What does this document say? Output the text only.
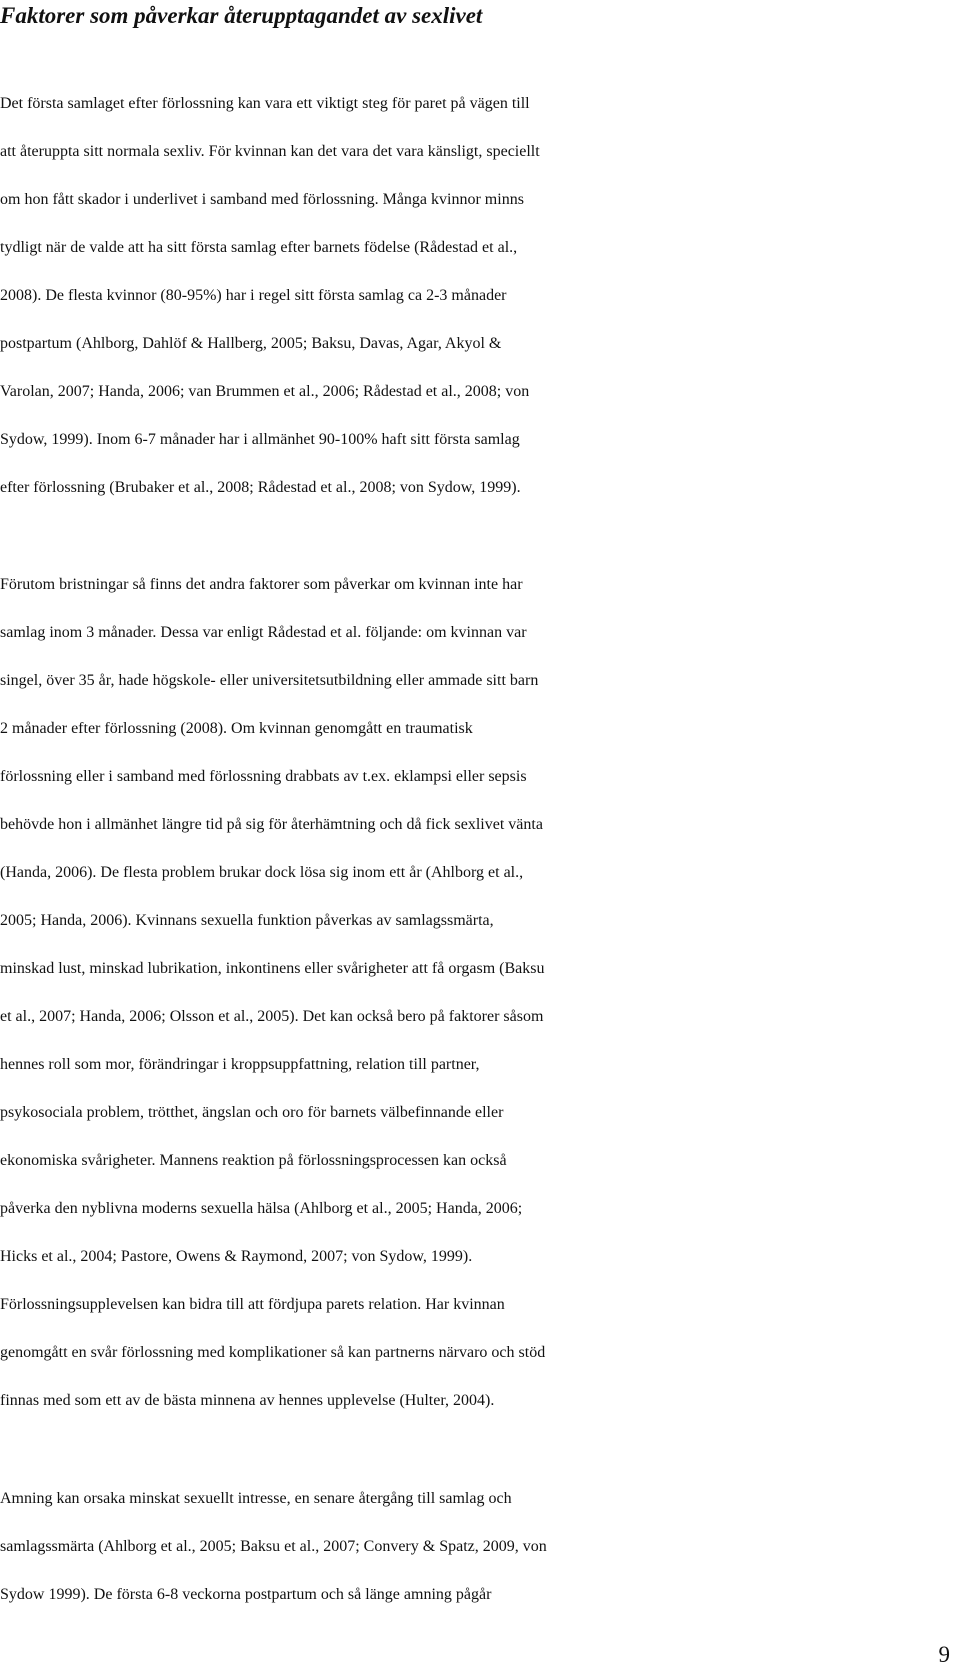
Faktorer som påverkar återupptagandet av sexlivet
Det första samlaget efter förlossning kan vara ett viktigt steg för paret på vägen till
att återuppta sitt normala sexliv. För kvinnan kan det vara det vara känsligt, speciellt
om hon fått skador i underlivet i samband med förlossning. Många kvinnor minns
tydligt när de valde att ha sitt första samlag efter barnets födelse (Rådestad et al.,
2008). De flesta kvinnor (80-95%) har i regel sitt första samlag ca 2-3 månader
postpartum (Ahlborg, Dahlöf & Hallberg, 2005; Baksu, Davas, Agar, Akyol &
Varolan, 2007; Handa, 2006; van Brummen et al., 2006; Rådestad et al., 2008; von
Sydow, 1999). Inom 6-7 månader har i allmänhet 90-100% haft sitt första samlag
efter förlossning (Brubaker et al., 2008; Rådestad et al., 2008; von Sydow, 1999).
Förutom bristningar så finns det andra faktorer som påverkar om kvinnan inte har
samlag inom 3 månader. Dessa var enligt Rådestad et al. följande: om kvinnan var
singel, över 35 år, hade högskole- eller universitetsutbildning eller ammade sitt barn
2 månader efter förlossning (2008). Om kvinnan genomgått en traumatisk
förlossning eller i samband med förlossning drabbats av t.ex. eklampsi eller sepsis
behövde hon i allmänhet längre tid på sig för återhämtning och då fick sexlivet vänta
(Handa, 2006). De flesta problem brukar dock lösa sig inom ett år (Ahlborg et al.,
2005; Handa, 2006). Kvinnans sexuella funktion påverkas av samlagssmärta,
minskad lust, minskad lubrikation, inkontinens eller svårigheter att få orgasm (Baksu
et al., 2007; Handa, 2006; Olsson et al., 2005). Det kan också bero på faktorer såsom
hennes roll som mor, förändringar i kroppsuppfattning, relation till partner,
psykosociala problem, trötthet, ängslan och oro för barnets välbefinnande eller
ekonomiska svårigheter. Mannens reaktion på förlossningsprocessen kan också
påverka den nyblivna moderns sexuella hälsa (Ahlborg et al., 2005; Handa, 2006;
Hicks et al., 2004; Pastore, Owens & Raymond, 2007; von Sydow, 1999).
Förlossningsupplevelsen kan bidra till att fördjupa parets relation. Har kvinnan
genomgått en svår förlossning med komplikationer så kan partnerns närvaro och stöd
finnas med som ett av de bästa minnena av hennes upplevelse (Hulter, 2004).
Amning kan orsaka minskat sexuellt intresse, en senare återgång till samlag och
samlagssmärta (Ahlborg et al., 2005; Baksu et al., 2007; Convery & Spatz, 2009, von
Sydow 1999). De första 6-8 veckorna postpartum och så länge amning pågår
9
